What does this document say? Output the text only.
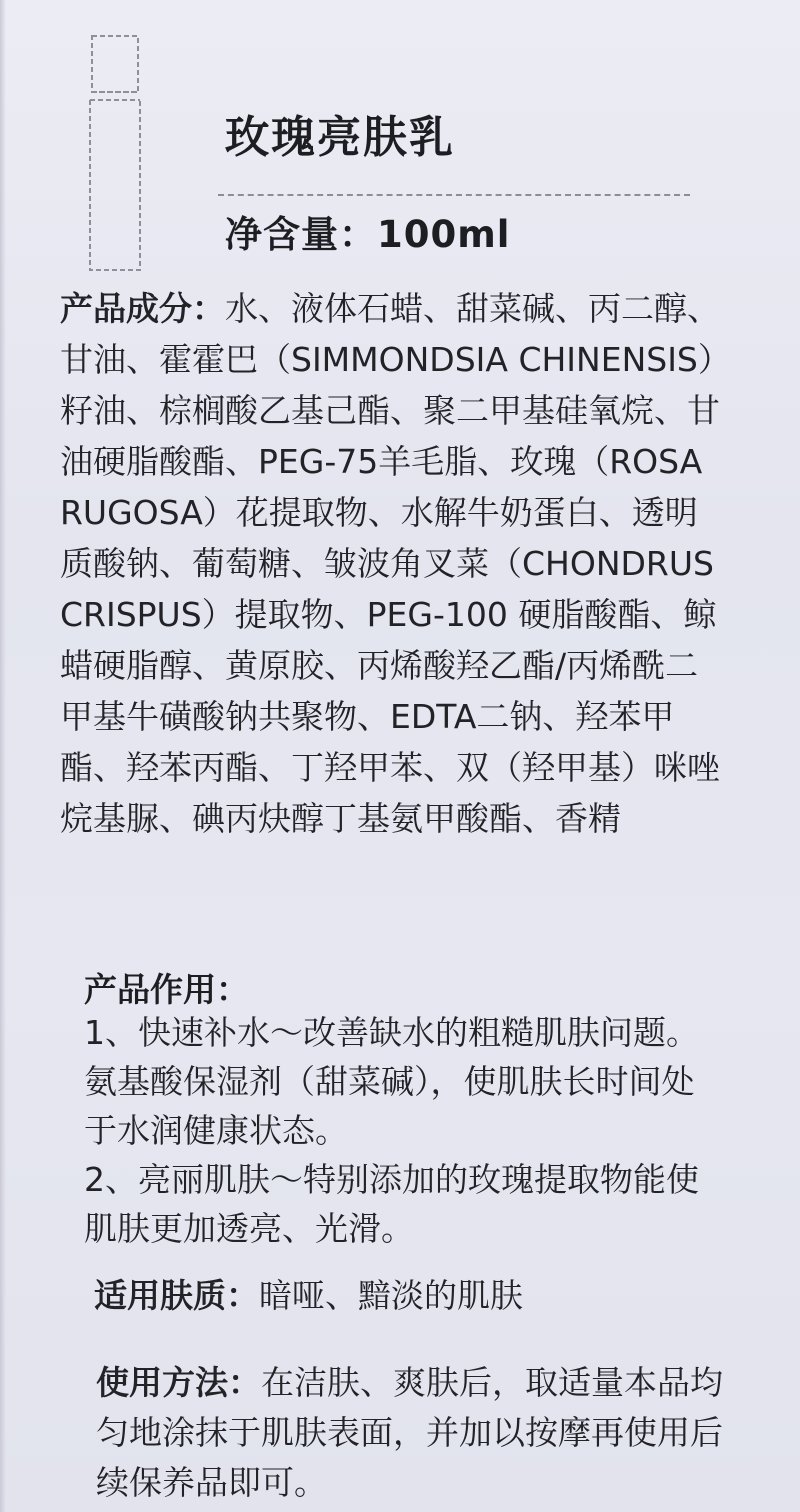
玫瑰亮肤乳
净含量：100ml
产品成分：水、液体石蜡、甜菜碱、丙二醇、甘油、霍霍巴（SIMMONDSIA CHINENSIS）籽油、棕榈酸乙基己酯、聚二甲基硅氧烷、甘油硬脂酸酯、PEG-75羊毛脂、玫瑰（ROSA RUGOSA）花提取物、水解牛奶蛋白、透明质酸钠、葡萄糖、皱波角叉菜（CHONDRUS CRISPUS）提取物、PEG-100 硬脂酸酯、鲸蜡硬脂醇、黄原胶、丙烯酸羟乙酯/丙烯酰二甲基牛磺酸钠共聚物、EDTA二钠、羟苯甲酯、羟苯丙酯、丁羟甲苯、双（羟甲基）咪唑烷基脲、碘丙炔醇丁基氨甲酸酯、香精
产品作用：

1、快速补水～改善缺水的粗糙肌肤问题。氨基酸保湿剂（甜菜碱），使肌肤长时间处于水润健康状态。

2、亮丽肌肤～特别添加的玫瑰提取物能使肌肤更加透亮、光滑。

适用肤质：暗哑、黯淡的肌肤
使用方法：在洁肤、爽肤后，取适量本品均匀地涂抹于肌肤表面，并加以按摩再使用后续保养品即可。
